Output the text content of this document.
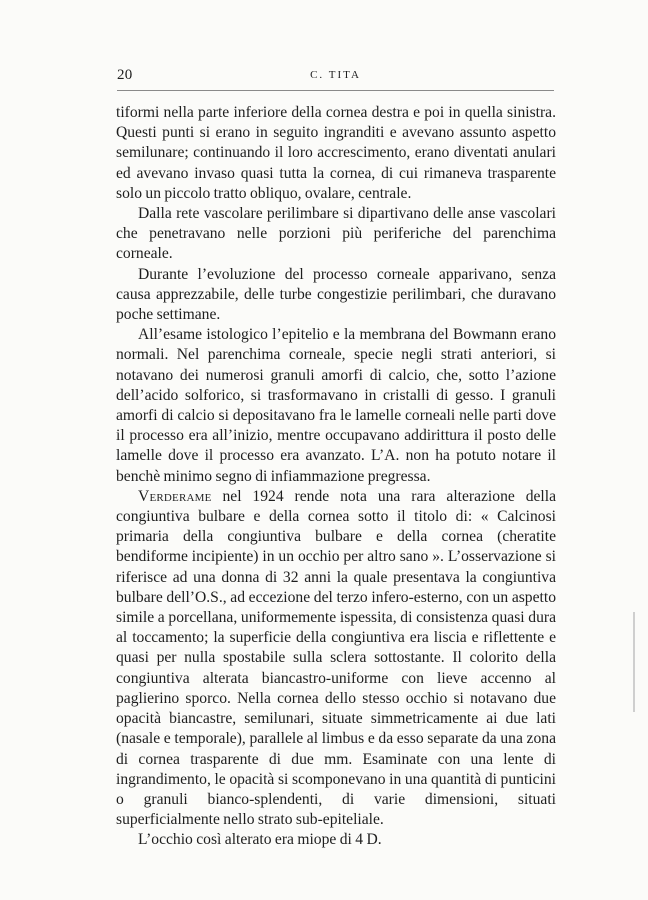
20	C. TITA

tiformi nella parte inferiore della cornea destra e poi in quella sinistra. Questi punti si erano in seguito ingranditi e avevano assunto aspetto semilunare; continuando il loro accrescimento, erano diventati anulari ed avevano invaso quasi tutta la cornea, di cui rimaneva trasparente solo un piccolo tratto obliquo, ovalare, centrale.

Dalla rete vascolare perilimbare si dipartivano delle anse vascolari che penetravano nelle porzioni più periferiche del parenchima corneale.

Durante l’evoluzione del processo corneale apparivano, senza causa apprezzabile, delle turbe congestizie perilimbari, che duravano poche settimane.

All’esame istologico l’epitelio e la membrana del Bowmann erano normali. Nel parenchima corneale, specie negli strati anteriori, si notavano dei numerosi granuli amorfi di calcio, che, sotto l’azione dell’acido solforico, si trasformavano in cristalli di gesso. I granuli amorfi di calcio si depositavano fra le lamelle corneali nelle parti dove il processo era all’inizio, mentre occupavano addirittura il posto delle lamelle dove il processo era avanzato. L’A. non ha potuto notare il benchè minimo segno di infiammazione pregressa.

Verderame nel 1924 rende nota una rara alterazione della congiuntiva bulbare e della cornea sotto il titolo di: « Calcinosi primaria della congiuntiva bulbare e della cornea (cheratite bendiforme incipiente) in un occhio per altro sano ». L’osservazione si riferisce ad una donna di 32 anni la quale presentava la congiuntiva bulbare dell’O.S., ad eccezione del terzo infero-esterno, con un aspetto simile a porcellana, uniformemente ispessita, di consistenza quasi dura al toccamento; la superficie della congiuntiva era liscia e riflettente e quasi per nulla spostabile sulla sclera sottostante. Il colorito della congiuntiva alterata biancastro-uniforme con lieve accenno al paglierino sporco. Nella cornea dello stesso occhio si notavano due opacità biancastre, semilunari, situate simmetricamente ai due lati (nasale e temporale), parallele al limbus e da esso separate da una zona di cornea trasparente di due mm. Esaminate con una lente di ingrandimento, le opacità si scomponevano in una quantità di punticini o granuli bianco-splendenti, di varie dimensioni, situati superficialmente nello strato sub-epiteliale.

L’occhio così alterato era miope di 4 D.
